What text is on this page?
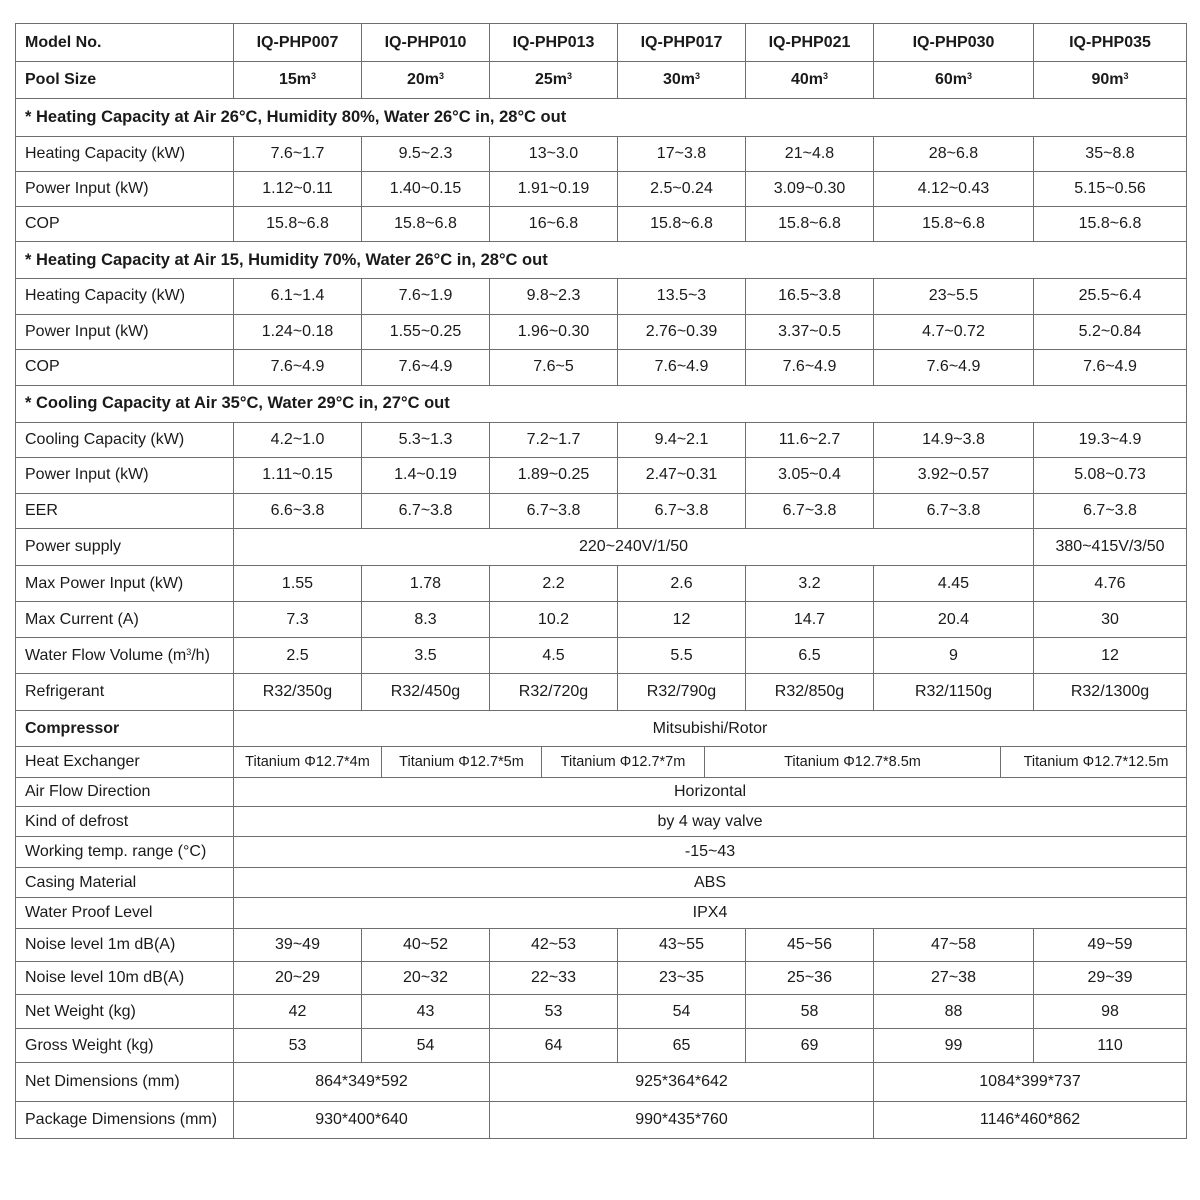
Model No.	IQ-PHP007	IQ-PHP010	IQ-PHP013	IQ-PHP017	IQ-PHP021	IQ-PHP030	IQ-PHP035
Pool Size	$15m^3$	$20m^3$	$25m^3$	$30m^3$	$40m^3$	$60m^3$	$90m^3$
* Heating Capacity at Air 26°C, Humidity 80%, Water 26°C in, 28°C out							
Heating Capacity (kW)	7.6~1.7	9.5~2.3	13~3.0	17~3.8	21~4.8	28~6.8	35~8.8
Power Input (kW)	1.12~0.11	1.40~0.15	1.91~0.19	2.5~0.24	3.09~0.30	4.12~0.43	5.15~0.56
COP	15.8~6.8	15.8~6.8	16~6.8	15.8~6.8	15.8~6.8	15.8~6.8	15.8~6.8
* Heating Capacity at Air 15, Humidity 70%, Water 26°C in, 28°C out							
Heating Capacity (kW)	6.1~1.4	7.6~1.9	9.8~2.3	13.5~3	16.5~3.8	23~5.5	25.5~6.4
Power Input (kW)	1.24~0.18	1.55~0.25	1.96~0.30	2.76~0.39	3.37~0.5	4.7~0.72	5.2~0.84
COP	7.6~4.9	7.6~4.9	7.6~5	7.6~4.9	7.6~4.9	7.6~4.9	7.6~4.9
* Cooling Capacity at Air 35°C, Water 29°C in, 27°C out							
Cooling Capacity (kW)	4.2~1.0	5.3~1.3	7.2~1.7	9.4~2.1	11.6~2.7	14.9~3.8	19.3~4.9
Power Input (kW)	1.11~0.15	1.4~0.19	1.89~0.25	2.47~0.31	3.05~0.4	3.92~0.57	5.08~0.73
EER	6.6~3.8	6.7~3.8	6.7~3.8	6.7~3.8	6.7~3.8	6.7~3.8	6.7~3.8
Power supply	220~240V/1/50						380~415V/3/50
Max Power Input (kW)	1.55	1.78	2.2	2.6	3.2	4.45	4.76
Max Current (A)	7.3	8.3	10.2	12	14.7	20.4	30
Water Flow Volume $(m^3/h)$	2.5	3.5	4.5	5.5	6.5	9	12
Refrigerant	R32/350g	R32/450g	R32/720g	R32/790g	R32/850g	R32/1150g	R32/1300g
Compressor	Mitsubishi/Rotor						
Heat Exchanger	Titanium Φ12.7*4m Titanium Φ12.7*5m Titanium Φ12.7*7m Titanium Φ12.7*8.5m Titanium Φ12.7*12.5m						

Air Flow Direction	Horizontal						
Kind of defrost	by 4 way valve						
Working temp. range (°C)	-15~43						
Casing Material	ABS						
Water Proof Level	IPX4						
Noise level 1m dB(A)	39~49	40~52	42~53	43~55	45~56	47~58	49~59
Noise level 10m dB(A)	20~29	20~32	22~33	23~35	25~36	27~38	29~39
Net Weight (kg)	42	43	53	54	58	88	98
Gross Weight (kg)	53	54	64	65	69	99	110
Net Dimensions (mm)	864*349*592		925*364*642			1084*399*737	
Package Dimensions (mm)	930*400*640		990*435*760			1146*460*862	
